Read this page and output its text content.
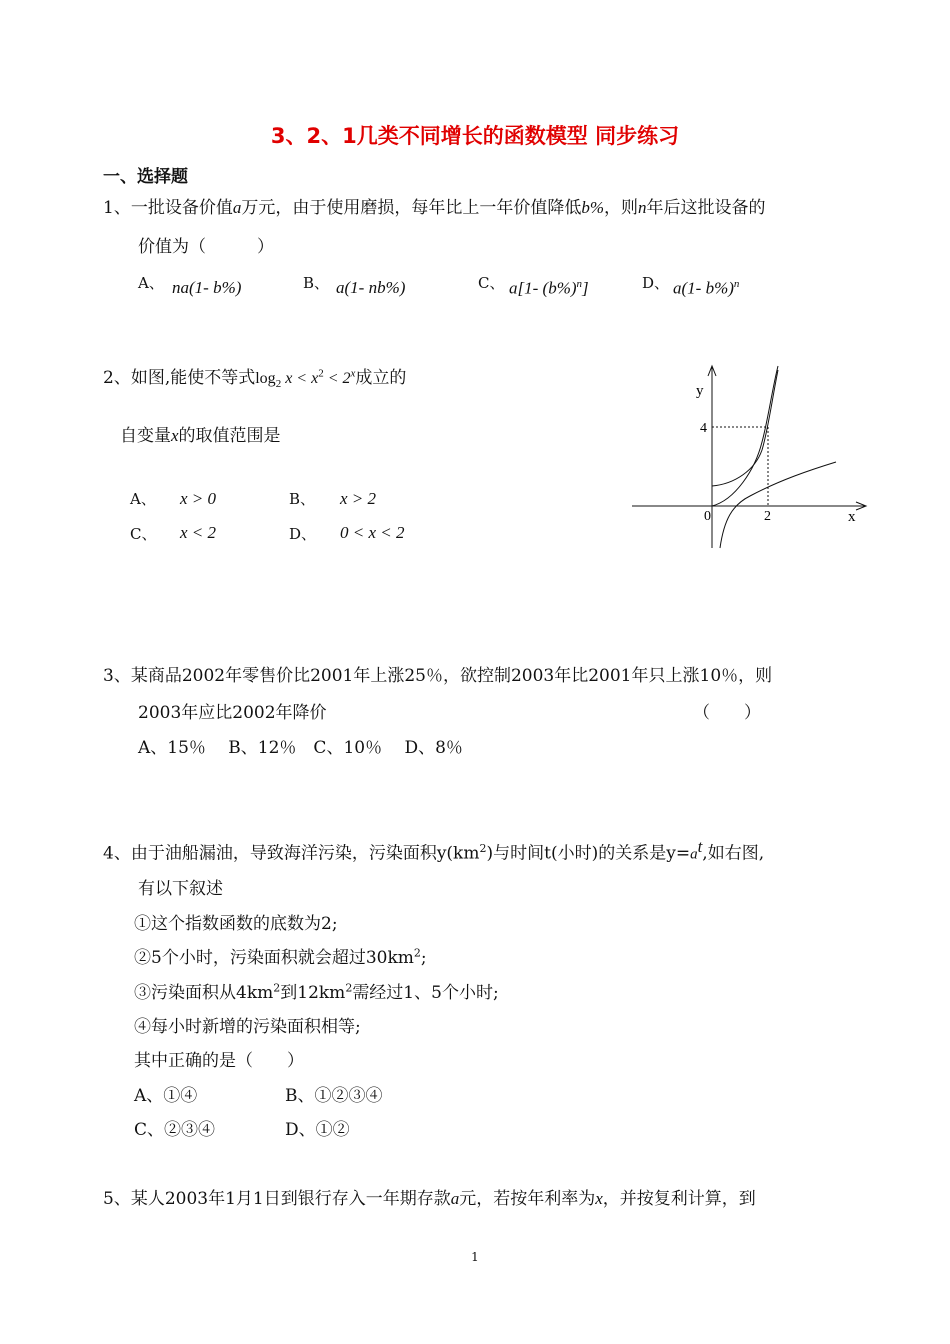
3、2、1几类不同增长的函数模型 同步练习
一、选择题
1、一批设备价值a万元，由于使用磨损，每年比上一年价值降低b%，则n年后这批设备的
价值为（　　　）
A、 na(1- b%)	B、 a(1- nb%)	C、 a[1- $(b\%)^n$]	D、 a(1- b%)$^n$
2、如图,能使不等式$\log_2 x < x^2 < 2^x$成立的
自变量x的取值范围是
A、 x > 0	B、 x > 2
C、 x < 2	D、 0 < x < 2
y
x
0	2
4
3、某商品2002年零售价比2001年上涨25％，欲控制2003年比2001年只上涨10％，则
2003年应比2002年降价	（　　）
A、15％　 B、12％　C、10％　 D、8％
4、由于油船漏油，导致海洋污染，污染面积$y(km^2)$与时间t(小时)的关系是$y=a^t$,如右图,
有以下叙述
①这个指数函数的底数为2;
②5个小时，污染面积就会超过$30km^2$;
③污染面积从$4km^2$到$12km^2$需经过1、5个小时;
④每小时新增的污染面积相等;
其中正确的是（　　）
A、①④	B、①②③④
C、②③④	D、①②
5、某人2003年1月1日到银行存入一年期存款a元，若按年利率为x，并按复利计算，到
1
